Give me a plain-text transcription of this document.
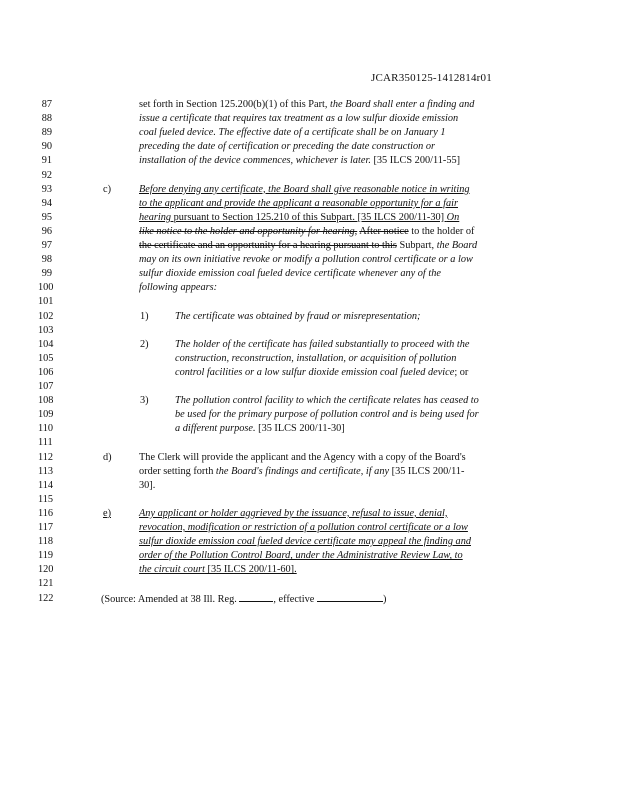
JCAR350125-1412814r01
87	set forth in Section 125.200(b)(1) of this Part, the Board shall enter a finding and
88	issue a certificate that requires tax treatment as a low sulfur dioxide emission
89	coal fueled device. The effective date of a certificate shall be on January 1
90	preceding the date of certification or preceding the date construction or
91	installation of the device commences, whichever is later. [35 ILCS 200/11-55]
92
93	c)	Before denying any certificate, the Board shall give reasonable notice in writing
94	to the applicant and provide the applicant a reasonable opportunity for a fair
95	hearing pursuant to Section 125.210 of this Subpart. [35 ILCS 200/11-30] On
96	like notice to the holder and opportunity for hearing, After notice to the holder of
97	the certificate and an opportunity for a hearing pursuant to this Subpart, the Board
98	may on its own initiative revoke or modify a pollution control certificate or a low
99	sulfur dioxide emission coal fueled device certificate whenever any of the
100	following appears:
101
102	1)	The certificate was obtained by fraud or misrepresentation;
103
104	2)	The holder of the certificate has failed substantially to proceed with the
105	construction, reconstruction, installation, or acquisition of pollution
106	control facilities or a low sulfur dioxide emission coal fueled device; or
107
108	3)	The pollution control facility to which the certificate relates has ceased to
109	be used for the primary purpose of pollution control and is being used for
110	a different purpose. [35 ILCS 200/11-30]
111
112	d)	The Clerk will provide the applicant and the Agency with a copy of the Board's
113	order setting forth the Board's findings and certificate, if any [35 ILCS 200/11-
114	30].
115
116	e)	Any applicant or holder aggrieved by the issuance, refusal to issue, denial,
117	revocation, modification or restriction of a pollution control certificate or a low
118	sulfur dioxide emission coal fueled device certificate may appeal the finding and
119	order of the Pollution Control Board, under the Administrative Review Law, to
120	the circuit court [35 ILCS 200/11-60].
121
122	(Source: Amended at 38 Ill. Reg.	, effective	)
